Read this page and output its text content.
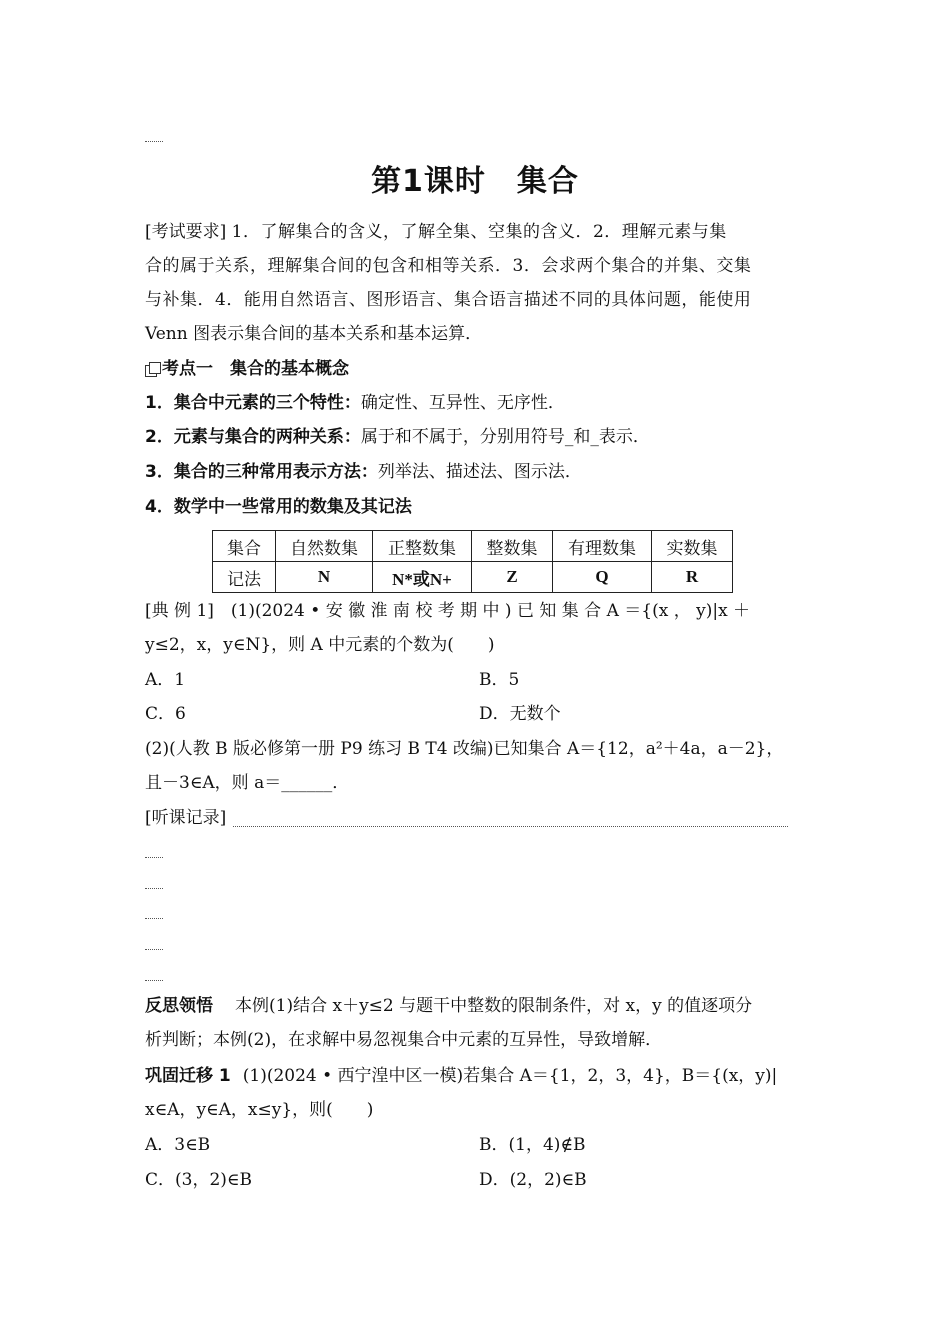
第1课时　集合
[考试要求] 1．了解集合的含义，了解全集、空集的含义．2．理解元素与集
合的属于关系，理解集合间的包含和相等关系．3．会求两个集合的并集、交集
与补集．4．能用自然语言、图形语言、集合语言描述不同的具体问题，能使用
Venn 图表示集合间的基本关系和基本运算．
考点一　集合的基本概念
1．集合中元素的三个特性：确定性、互异性、无序性．
2．元素与集合的两种关系：属于和不属于，分别用符号_和_表示．
3．集合的三种常用表示方法：列举法、描述法、图示法．
4．数学中一些常用的数集及其记法
集合	自然数集	正整数集	整数集	有理数集	实数集
记法	N	N*或N+	Z	Q	R
[典 例 1]　(1)(2024 • 安 徽 淮 南 校 考 期 中 ) 已 知 集 合 A ＝{(x ， y)|x ＋
y≤2，x，y∈N}，则 A 中元素的个数为(　　)
A．1	B．5
C．6	D．无数个
(2)(人教 B 版必修第一册 P9 练习 B T4 改编)已知集合 A＝{12，a²＋4a，a－2}，
且－3∈A，则 a＝______．
[听课记录]
反思领悟 本例(1)结合 x＋y≤2 与题干中整数的限制条件，对 x，y 的值逐项分
析判断；本例(2)，在求解中易忽视集合中元素的互异性，导致增解．
巩固迁移 1 (1)(2024 • 西宁湟中区一模)若集合 A＝{1，2，3，4}，B＝{(x，y)|
x∈A，y∈A，x≤y}，则(　　)
A．3∈B	B．(1，4)∉B
C．(3，2)∈B	D．(2，2)∈B
